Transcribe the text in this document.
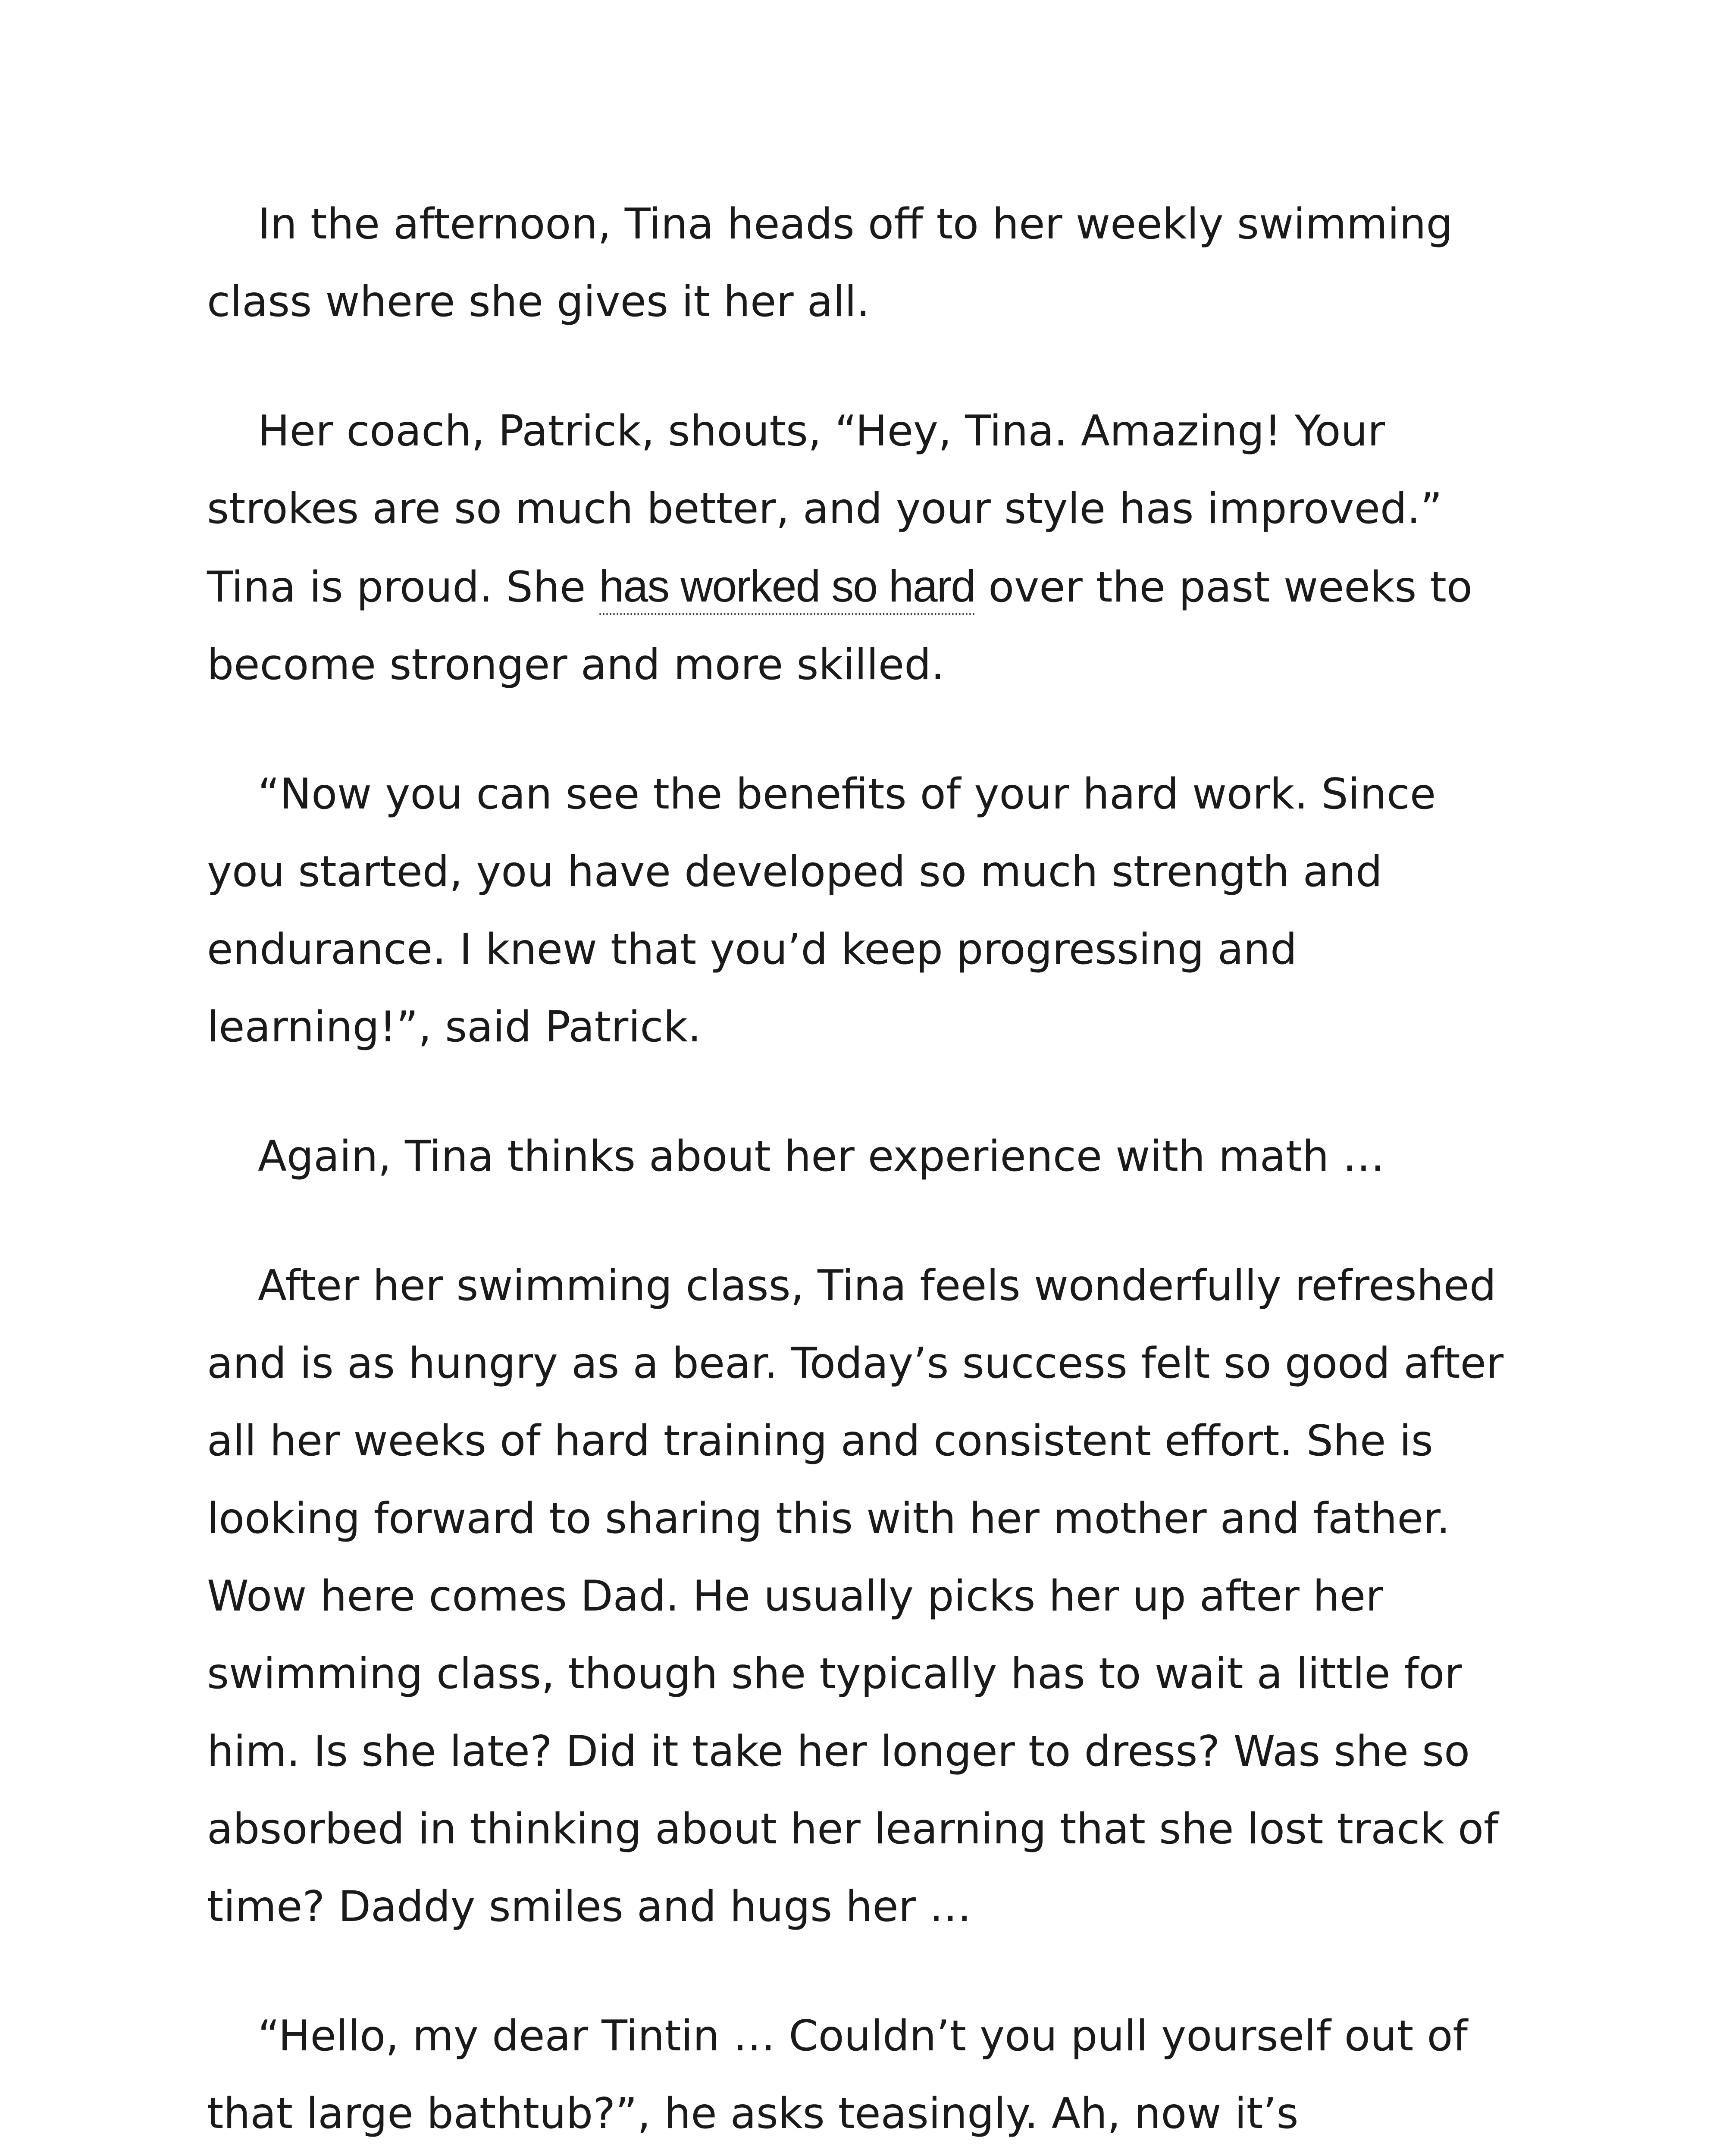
In the afternoon, Tina heads off to her weekly swimming class where she gives it her all.

Her coach, Patrick, shouts, “Hey, Tina. Amazing! Your strokes are so much better, and your style has improved.” Tina is proud. She has worked so hard over the past weeks to become stronger and more skilled.

“Now you can see the benefits of your hard work. Since you started, you have developed so much strength and endurance. I knew that you’d keep progressing and learning!”, said Patrick.

Again, Tina thinks about her experience with math …

After her swimming class, Tina feels wonderfully refreshed and is as hungry as a bear. Today’s success felt so good after all her weeks of hard training and consistent effort. She is looking forward to sharing this with her mother and father. Wow here comes Dad. He usually picks her up after her swimming class, though she typically has to wait a little for him. Is she late? Did it take her longer to dress? Was she so absorbed in thinking about her learning that she lost track of time? Daddy smiles and hugs her …

“Hello, my dear Tintin … Couldn’t you pull yourself out of that large bathtub?”, he asks teasingly. Ah, now it’s
